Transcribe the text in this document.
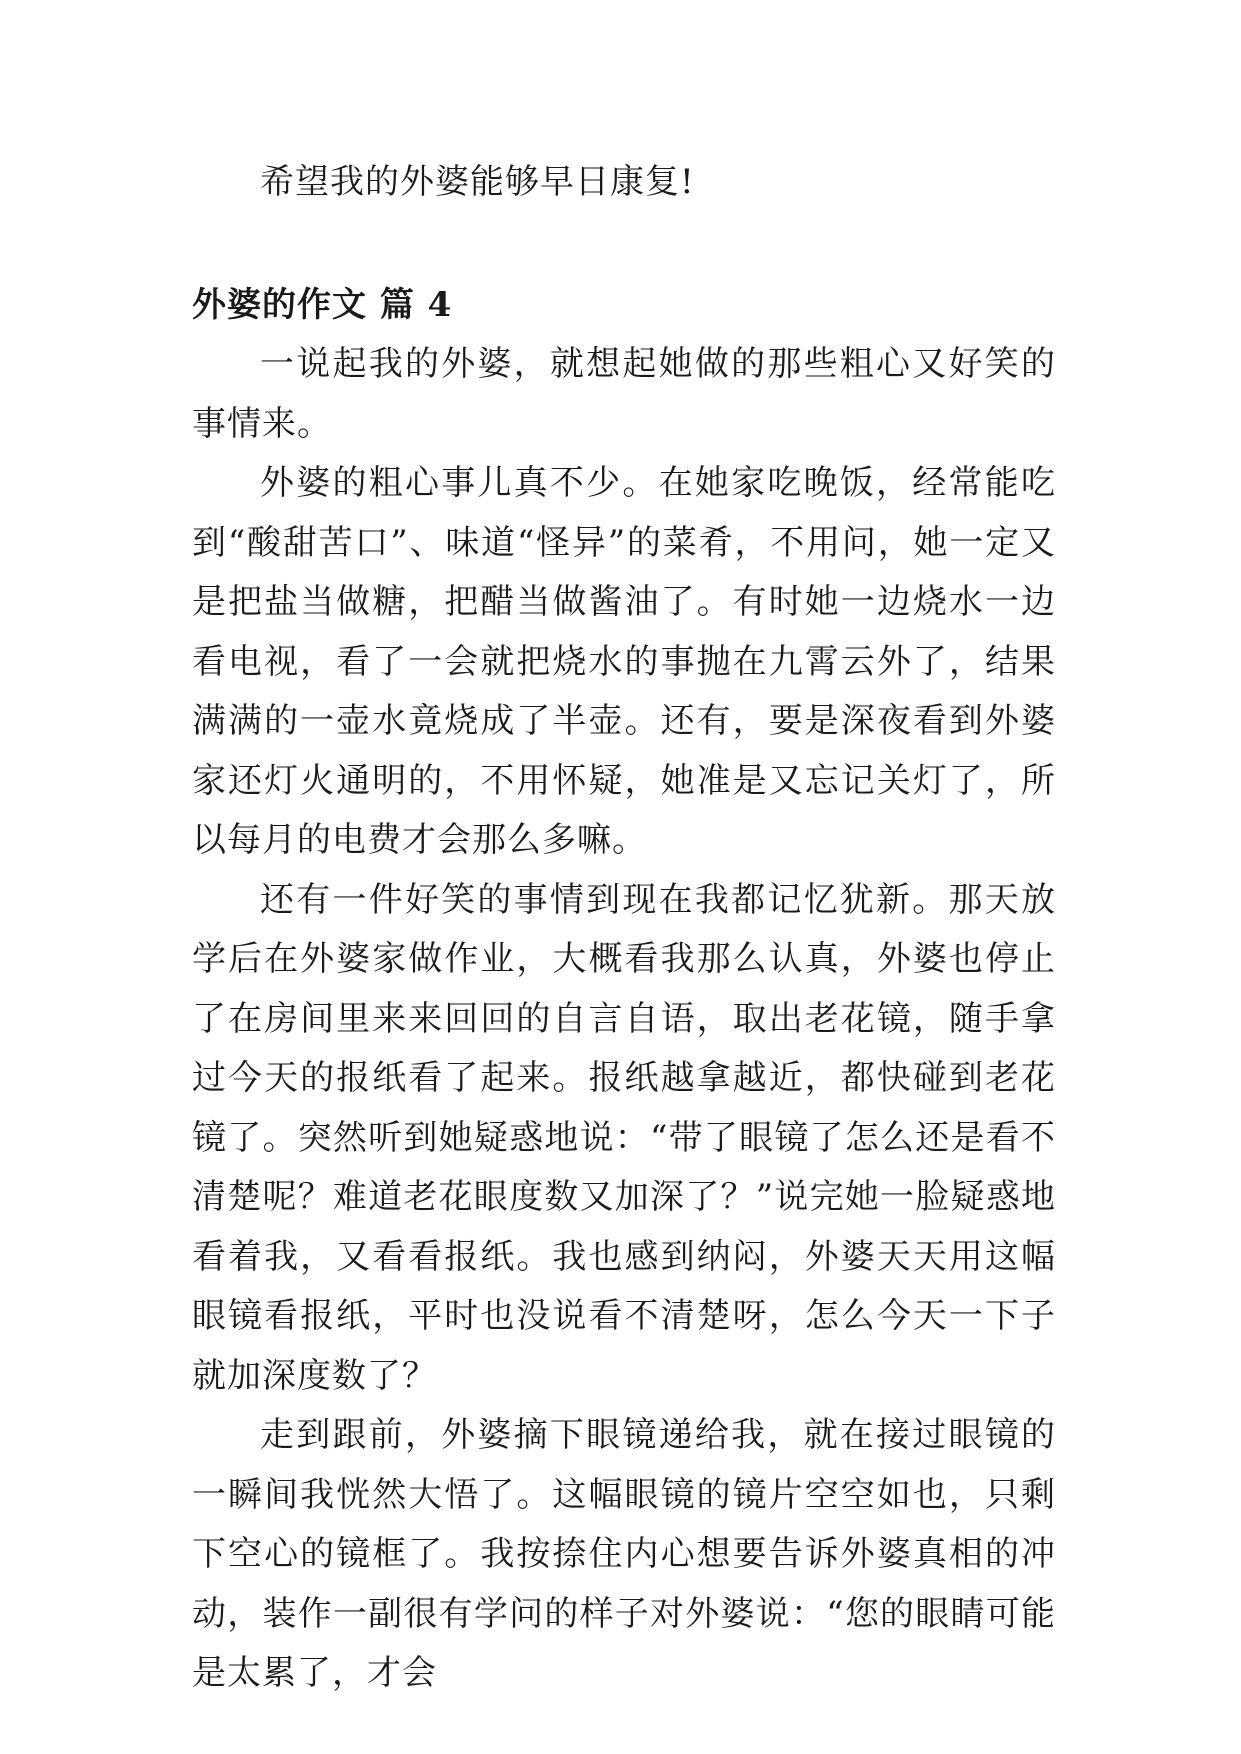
希望我的外婆能够早日康复!

外婆的作文 篇 4

一说起我的外婆，就想起她做的那些粗心又好笑的事情来。

外婆的粗心事儿真不少。在她家吃晚饭，经常能吃到“酸甜苦口”、味道“怪异”的菜肴，不用问，她一定又是把盐当做糖，把醋当做酱油了。有时她一边烧水一边看电视，看了一会就把烧水的事抛在九霄云外了，结果满满的一壶水竟烧成了半壶。还有，要是深夜看到外婆家还灯火通明的，不用怀疑，她准是又忘记关灯了，所以每月的电费才会那么多嘛。

还有一件好笑的事情到现在我都记忆犹新。那天放学后在外婆家做作业，大概看我那么认真，外婆也停止了在房间里来来回回的自言自语，取出老花镜，随手拿过今天的报纸看了起来。报纸越拿越近，都快碰到老花镜了。突然听到她疑惑地说：“带了眼镜了怎么还是看不清楚呢？难道老花眼度数又加深了？”说完她一脸疑惑地看着我，又看看报纸。我也感到纳闷，外婆天天用这幅眼镜看报纸，平时也没说看不清楚呀，怎么今天一下子就加深度数了？

走到跟前，外婆摘下眼镜递给我，就在接过眼镜的一瞬间我恍然大悟了。这幅眼镜的镜片空空如也，只剩下空心的镜框了。我按捺住内心想要告诉外婆真相的冲动，装作一副很有学问的样子对外婆说：“您的眼睛可能是太累了，才会
